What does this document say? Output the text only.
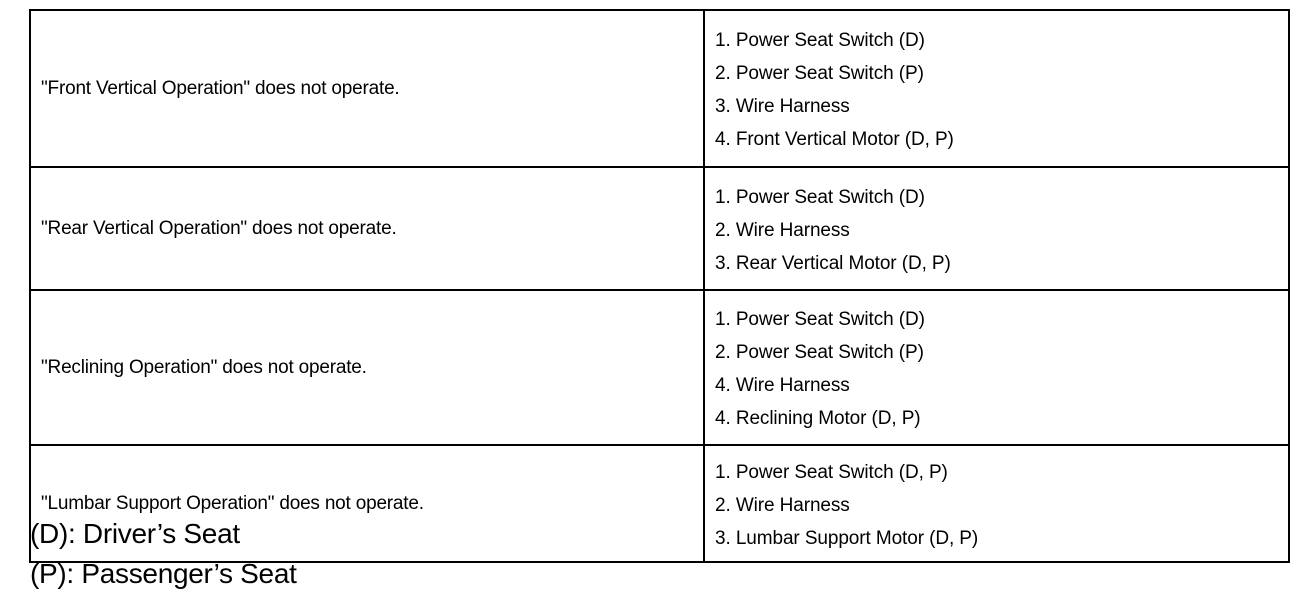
"Front Vertical Operation" does not operate.	1. Power Seat Switch (D)
2. Power Seat Switch (P)
3. Wire Harness
4. Front Vertical Motor (D, P)

"Rear Vertical Operation" does not operate.	1. Power Seat Switch (D)
2. Wire Harness
3. Rear Vertical Motor (D, P)

"Reclining Operation" does not operate.	1. Power Seat Switch (D)
2. Power Seat Switch (P)
4. Wire Harness
4. Reclining Motor (D, P)

"Lumbar Support Operation" does not operate.	1. Power Seat Switch (D, P)
2. Wire Harness
3. Lumbar Support Motor (D, P)
(D): Driver’s Seat
(P): Passenger’s Seat
